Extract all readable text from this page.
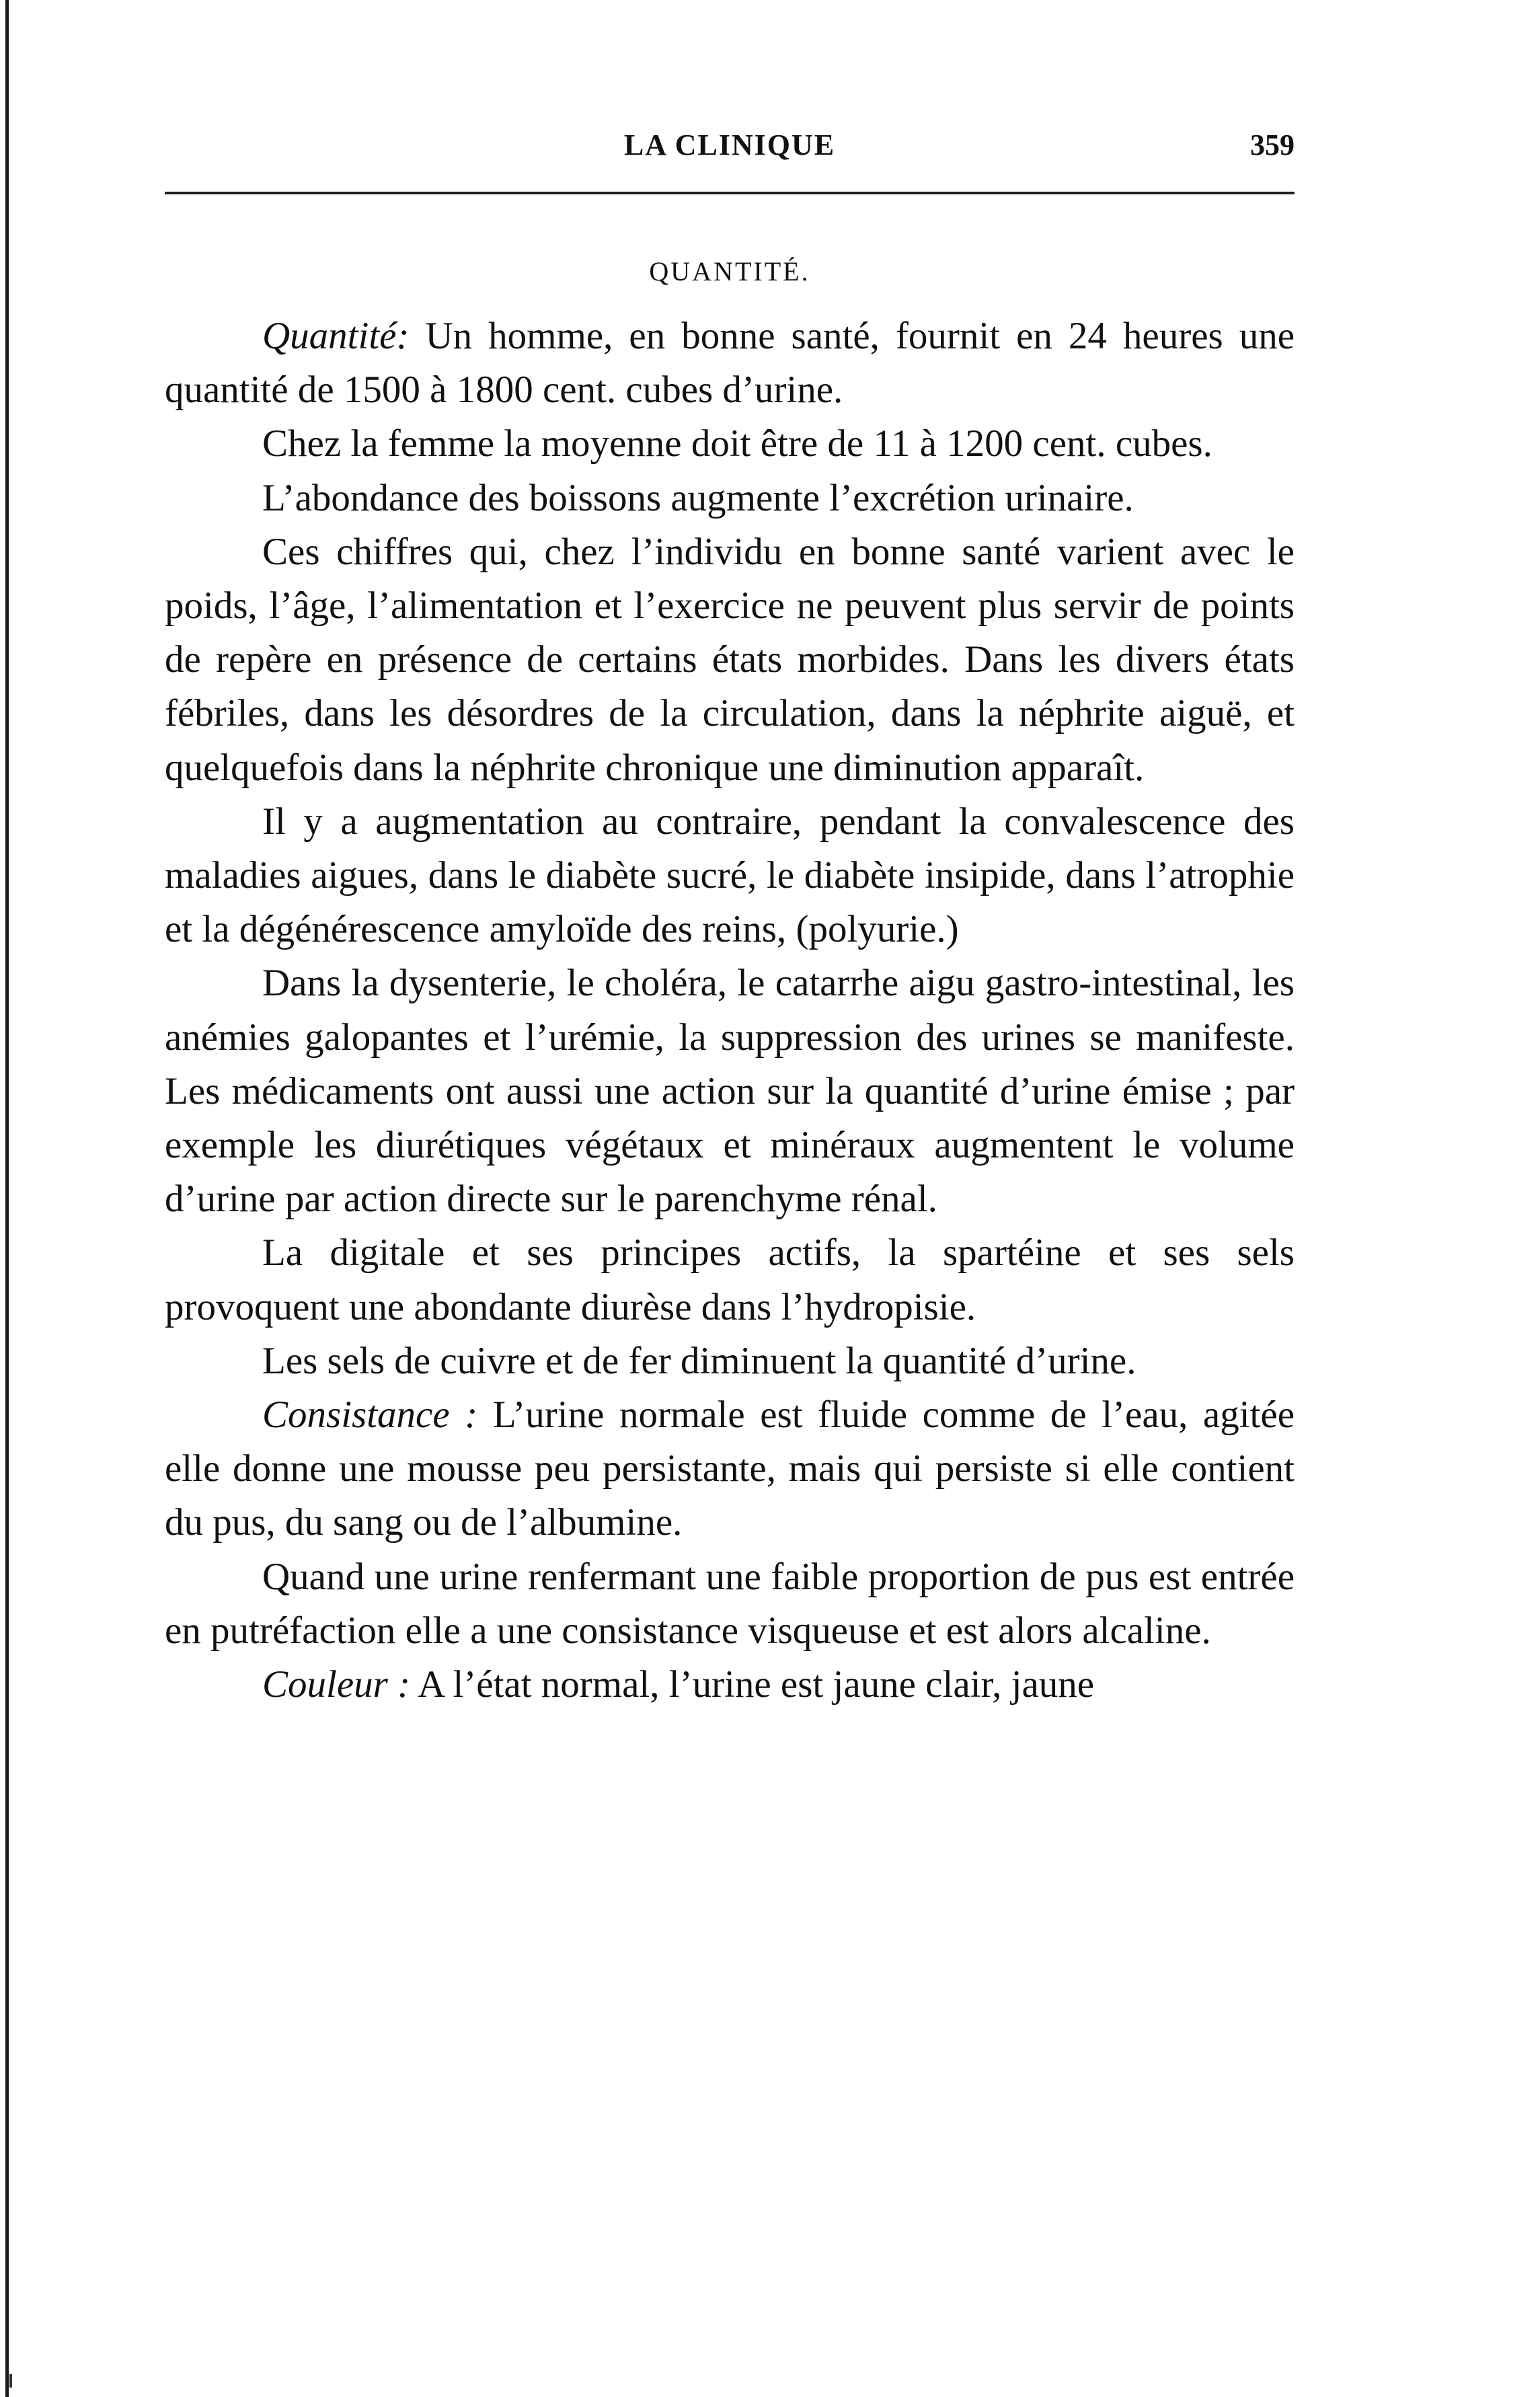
LA CLINIQUE	359
QUANTITÉ.

Quantité: Un homme, en bonne santé, fournit en 24 heures une quantité de 1500 à 1800 cent. cubes d’urine.

Chez la femme la moyenne doit être de 11 à 1200 cent. cubes.

L’abondance des boissons augmente l’excrétion urinaire.

Ces chiffres qui, chez l’individu en bonne santé varient avec le poids, l’âge, l’alimentation et l’exercice ne peuvent plus servir de points de repère en présence de certains états morbides. Dans les divers états fébriles, dans les désordres de la circulation, dans la néphrite aiguë, et quelquefois dans la néphrite chronique une diminution apparaît.

Il y a augmentation au contraire, pendant la convalescence des maladies aigues, dans le diabète sucré, le diabète insipide, dans l’atrophie et la dégénérescence amyloïde des reins, (polyurie.)

Dans la dysenterie, le choléra, le catarrhe aigu gastro-intestinal, les anémies galopantes et l’urémie, la suppression des urines se manifeste. Les médicaments ont aussi une action sur la quantité d’urine émise ; par exemple les diurétiques végétaux et minéraux augmentent le volume d’urine par action directe sur le parenchyme rénal.

La digitale et ses principes actifs, la spartéine et ses sels provoquent une abondante diurèse dans l’hydropisie.

Les sels de cuivre et de fer diminuent la quantité d’urine.

Consistance : L’urine normale est fluide comme de l’eau, agitée elle donne une mousse peu persistante, mais qui persiste si elle contient du pus, du sang ou de l’albumine.

Quand une urine renfermant une faible proportion de pus est entrée en putréfaction elle a une consistance visqueuse et est alors alcaline.

Couleur : A l’état normal, l’urine est jaune clair, jaune
